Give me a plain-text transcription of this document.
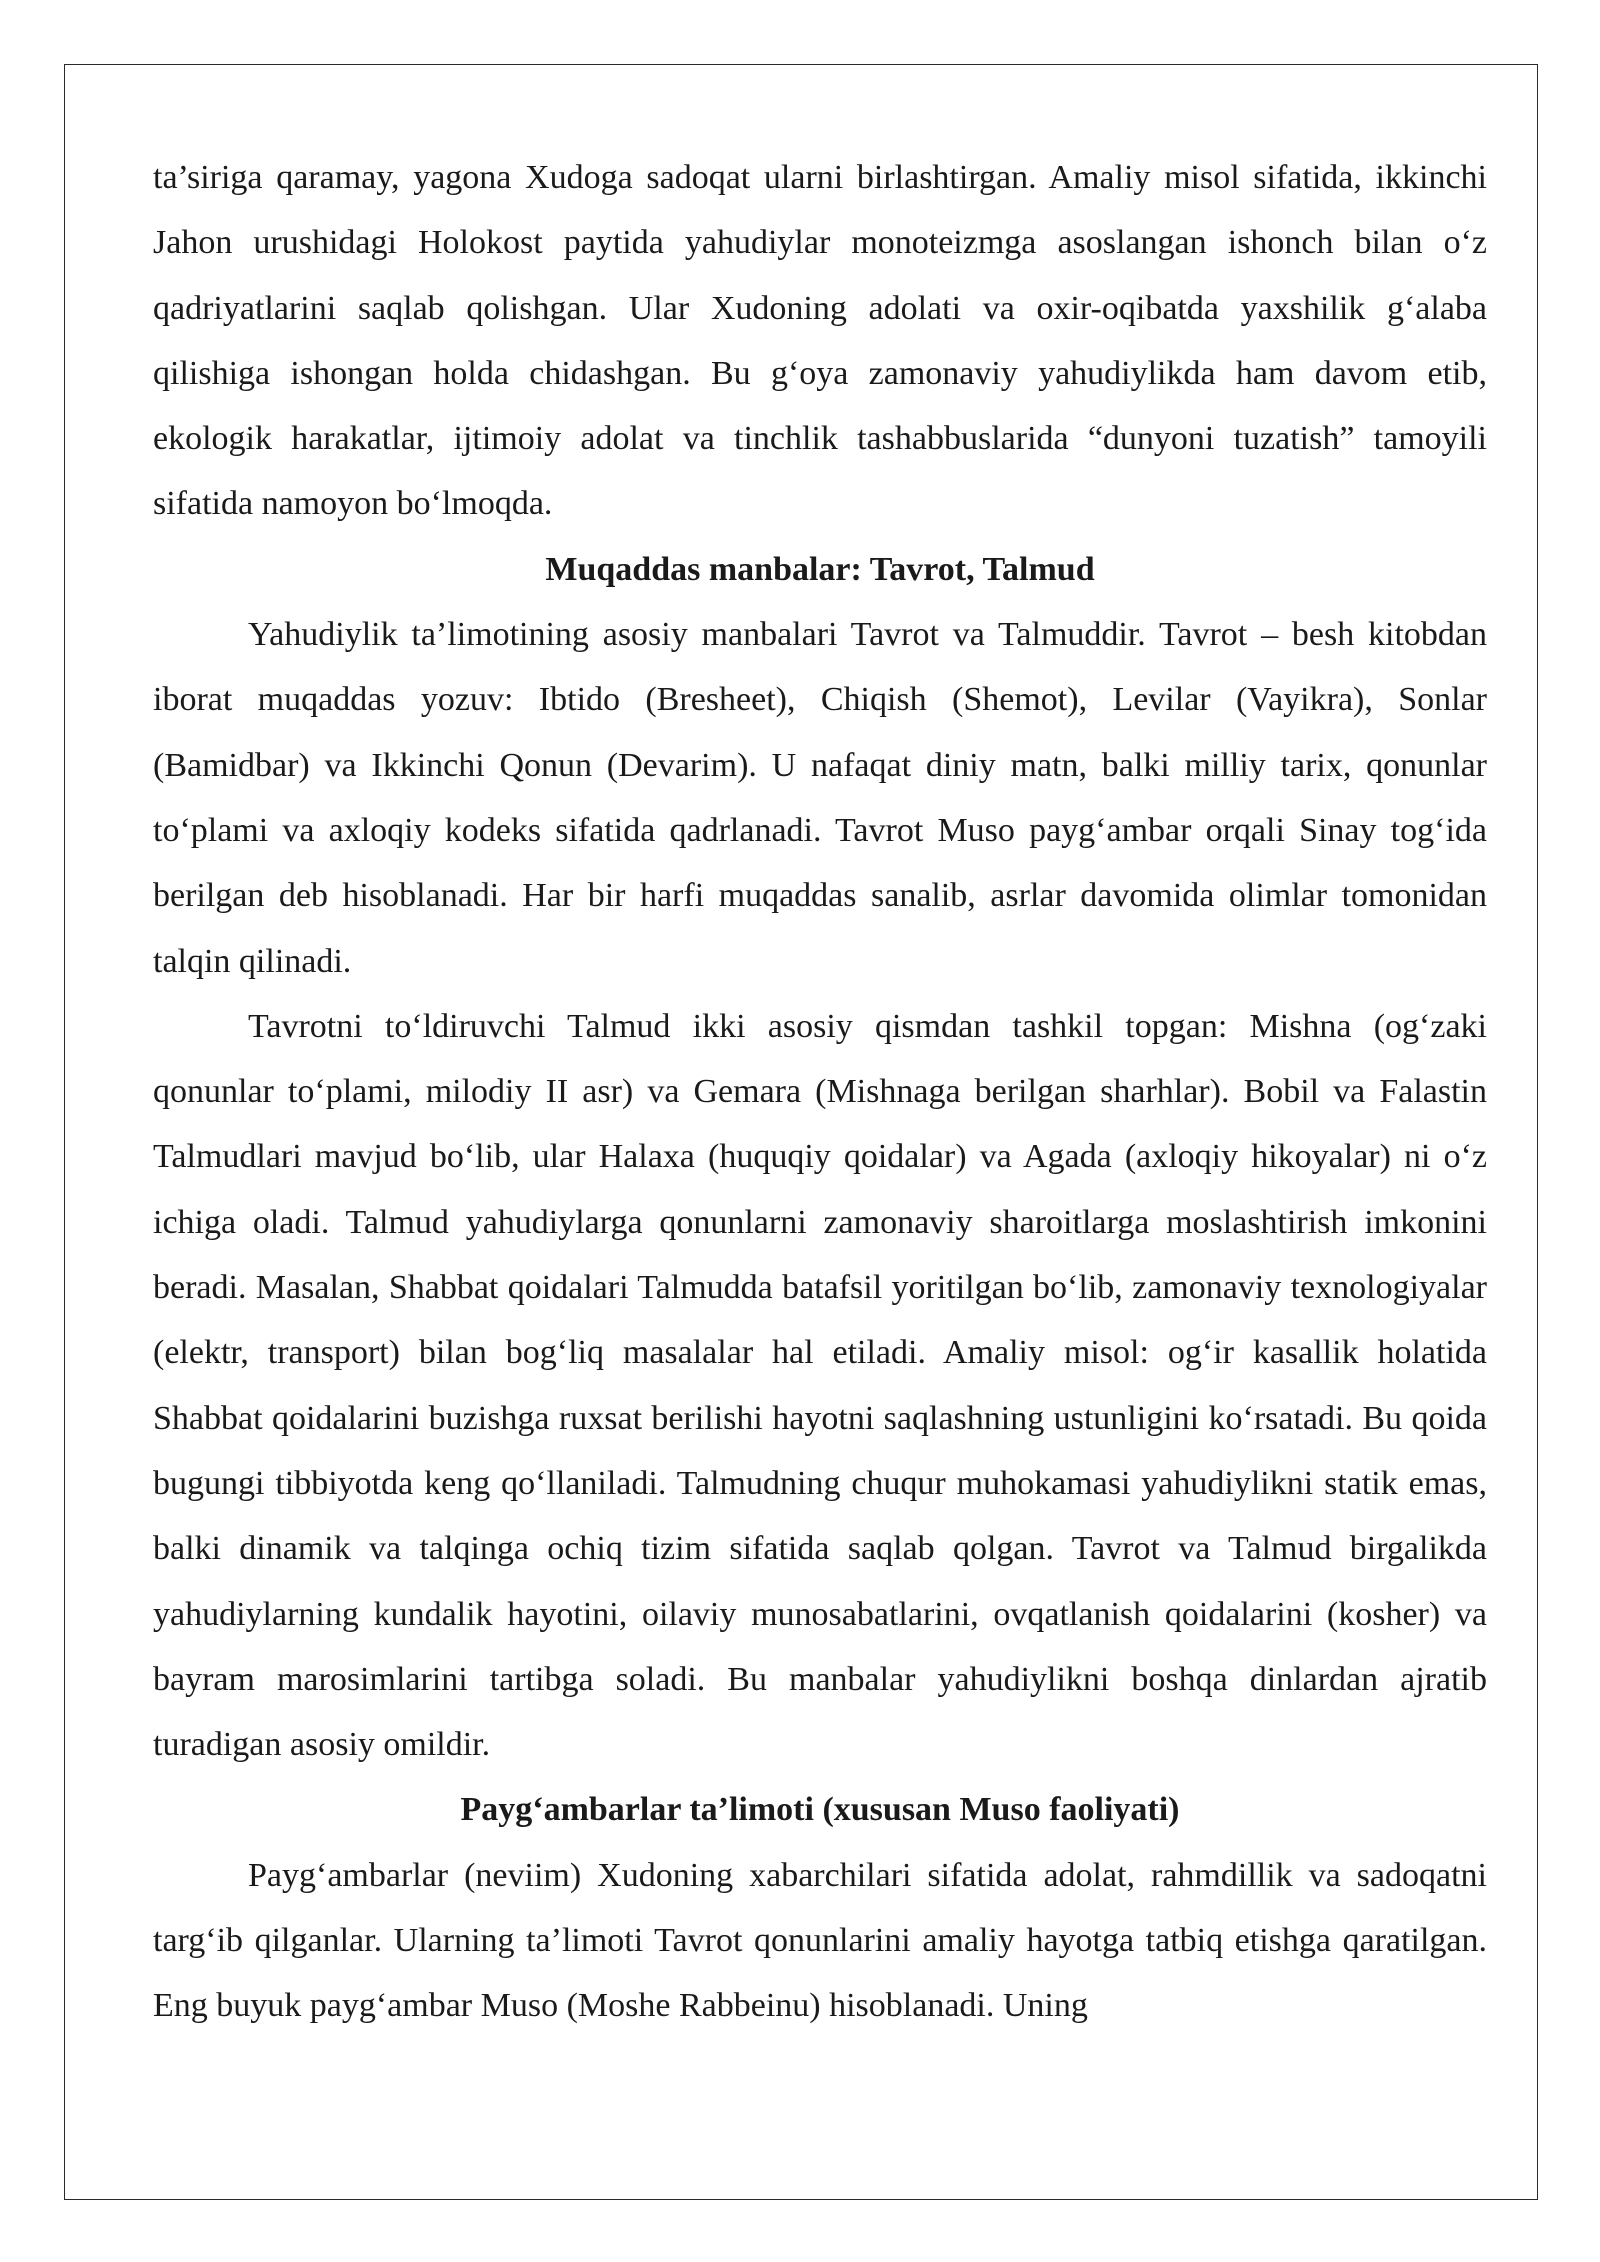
ta’siriga qaramay, yagona Xudoga sadoqat ularni birlashtirgan. Amaliy misol sifatida, ikkinchi Jahon urushidagi Holokost paytida yahudiylar monoteizmga asoslangan ishonch bilan o‘z qadriyatlarini saqlab qolishgan. Ular Xudoning adolati va oxir-oqibatda yaxshilik g‘alaba qilishiga ishongan holda chidashgan. Bu g‘oya zamonaviy yahudiylikda ham davom etib, ekologik harakatlar, ijtimoiy adolat va tinchlik tashabbuslarida “dunyoni tuzatish” tamoyili sifatida namoyon bo‘lmoqda.

Muqaddas manbalar: Tavrot, Talmud

Yahudiylik ta’limotining asosiy manbalari Tavrot va Talmuddir. Tavrot – besh kitobdan iborat muqaddas yozuv: Ibtido (Bresheet), Chiqish (Shemot), Levilar (Vayikra), Sonlar (Bamidbar) va Ikkinchi Qonun (Devarim). U nafaqat diniy matn, balki milliy tarix, qonunlar to‘plami va axloqiy kodeks sifatida qadrlanadi. Tavrot Muso payg‘ambar orqali Sinay tog‘ida berilgan deb hisoblanadi. Har bir harfi muqaddas sanalib, asrlar davomida olimlar tomonidan talqin qilinadi.

Tavrotni to‘ldiruvchi Talmud ikki asosiy qismdan tashkil topgan: Mishna (og‘zaki qonunlar to‘plami, milodiy II asr) va Gemara (Mishnaga berilgan sharhlar). Bobil va Falastin Talmudlari mavjud bo‘lib, ular Halaxa (huquqiy qoidalar) va Agada (axloqiy hikoyalar) ni o‘z ichiga oladi. Talmud yahudiylarga qonunlarni zamonaviy sharoitlarga moslashtirish imkonini beradi. Masalan, Shabbat qoidalari Talmudda batafsil yoritilgan bo‘lib, zamonaviy texnologiyalar (elektr, transport) bilan bog‘liq masalalar hal etiladi. Amaliy misol: og‘ir kasallik holatida Shabbat qoidalarini buzishga ruxsat berilishi hayotni saqlashning ustunligini ko‘rsatadi. Bu qoida bugungi tibbiyotda keng qo‘llaniladi. Talmudning chuqur muhokamasi yahudiylikni statik emas, balki dinamik va talqinga ochiq tizim sifatida saqlab qolgan. Tavrot va Talmud birgalikda yahudiylarning kundalik hayotini, oilaviy munosabatlarini, ovqatlanish qoidalarini (kosher) va bayram marosimlarini tartibga soladi. Bu manbalar yahudiylikni boshqa dinlardan ajratib turadigan asosiy omildir.

Payg‘ambarlar ta’limoti (xususan Muso faoliyati)

Payg‘ambarlar (neviim) Xudoning xabarchilari sifatida adolat, rahmdillik va sadoqatni targ‘ib qilganlar. Ularning ta’limoti Tavrot qonunlarini amaliy hayotga tatbiq etishga qaratilgan. Eng buyuk payg‘ambar Muso (Moshe Rabbeinu) hisoblanadi. Uning
